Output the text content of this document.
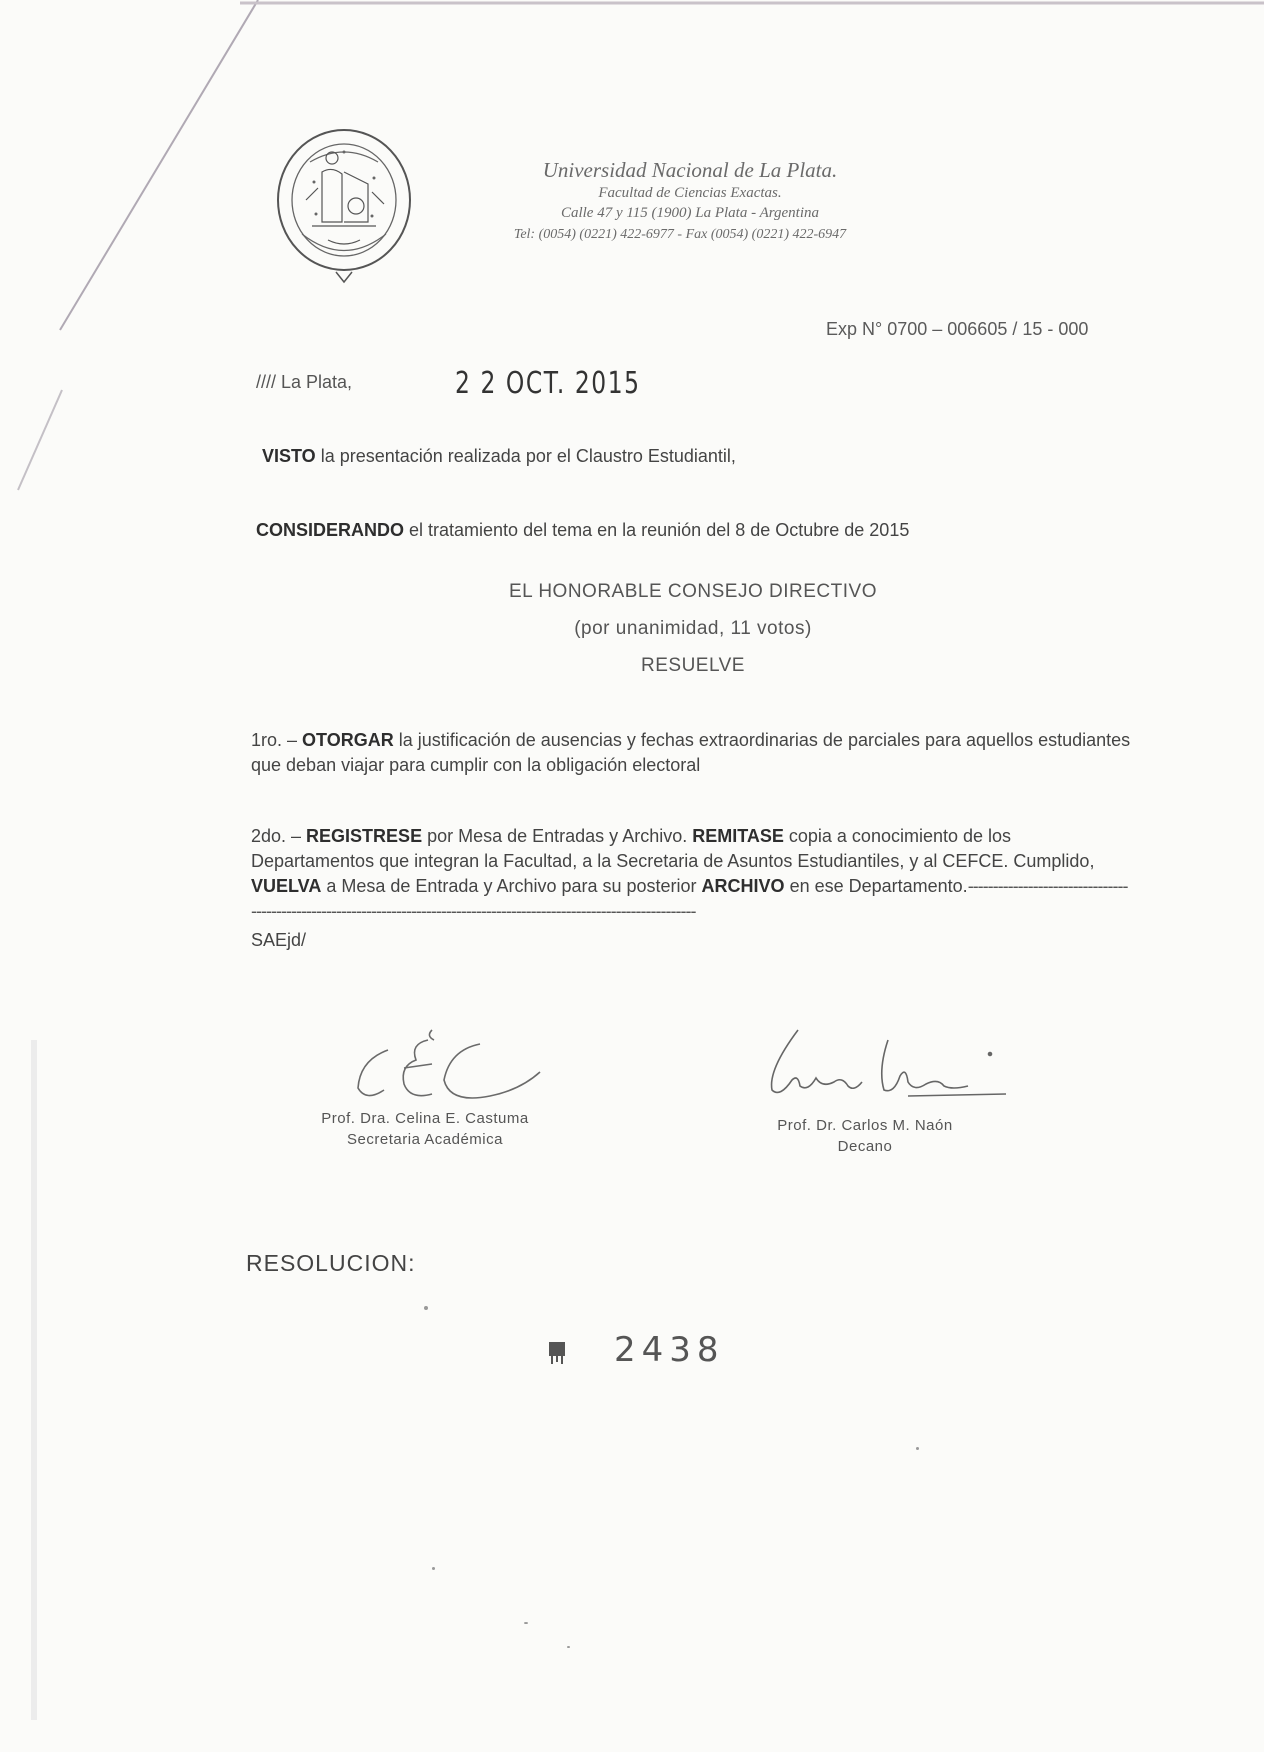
Universidad Nacional de La Plata.
Facultad de Ciencias Exactas.
Calle 47 y 115 (1900) La Plata - Argentina
Tel: (0054) (0221) 422-6977 - Fax (0054) (0221) 422-6947
Exp N° 0700 – 006605 / 15 - 000
//// La Plata,	2 2 OCT. 2015
VISTO la presentación realizada por el Claustro Estudiantil,
CONSIDERANDO el tratamiento del tema en la reunión del 8 de Octubre de 2015
EL HONORABLE CONSEJO DIRECTIVO
(por unanimidad, 11 votos)
RESUELVE
1ro. – OTORGAR la justificación de ausencias y fechas extraordinarias de parciales para aquellos estudiantes que deban viajar para cumplir con la obligación electoral
2do. – REGISTRESE por Mesa de Entradas y Archivo. REMITASE copia a conocimiento de los Departamentos que integran la Facultad, a la Secretaria de Asuntos Estudiantiles, y al CEFCE. Cumplido, VUELVA a Mesa de Entrada y Archivo para su posterior ARCHIVO en ese Departamento.-------------------------------------------------------------------------------------------------------------------------
SAEjd/
Prof. Dra. Celina E. Castuma
Secretaria Académica
Prof. Dr. Carlos M. Naón
Decano
RESOLUCION:
2438
